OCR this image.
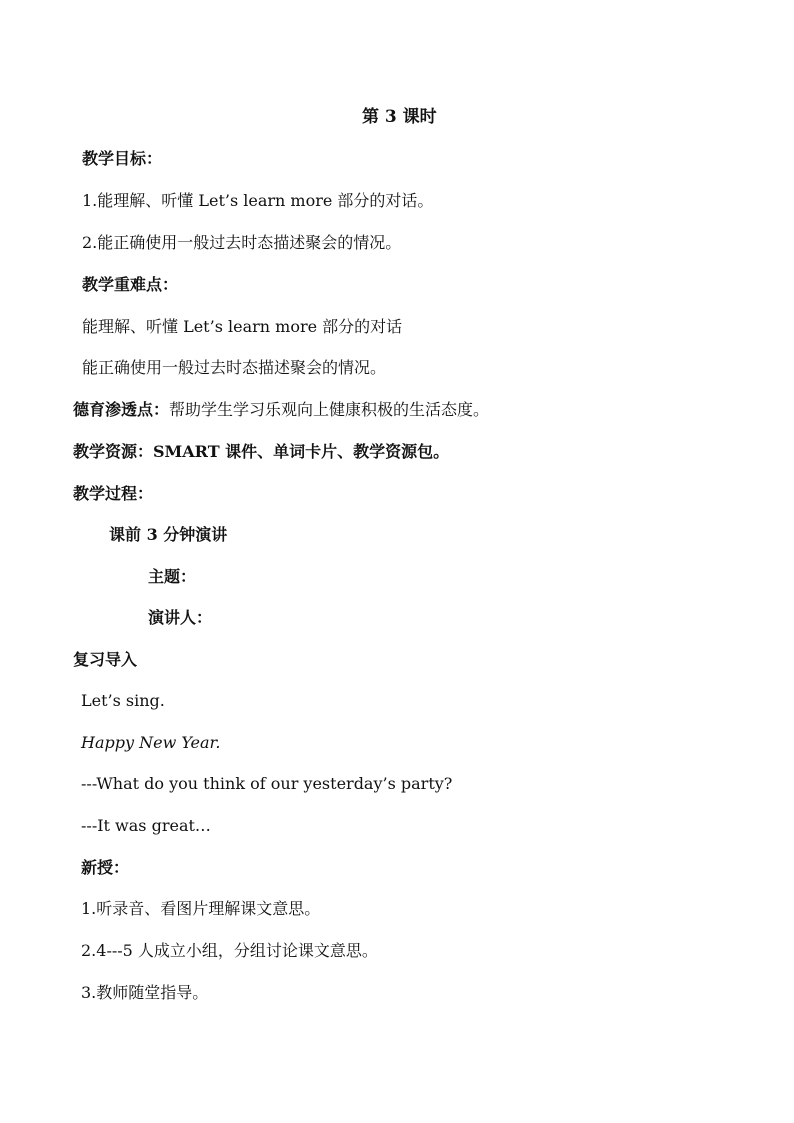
第 3 课时
教学目标：
1.能理解、听懂 Let’s learn more 部分的对话。
2.能正确使用一般过去时态描述聚会的情况。
教学重难点：
能理解、听懂 Let’s learn more 部分的对话
能正确使用一般过去时态描述聚会的情况。
德育渗透点：帮助学生学习乐观向上健康积极的生活态度。
教学资源：SMART 课件、单词卡片、教学资源包。
教学过程：
课前 3 分钟演讲
主题：
演讲人：
复习导入
Let’s sing.
Happy New Year.
---What do you think of our yesterday’s party?
---It was great…
新授：
1.听录音、看图片理解课文意思。
2.4---5 人成立小组，分组讨论课文意思。
3.教师随堂指导。
